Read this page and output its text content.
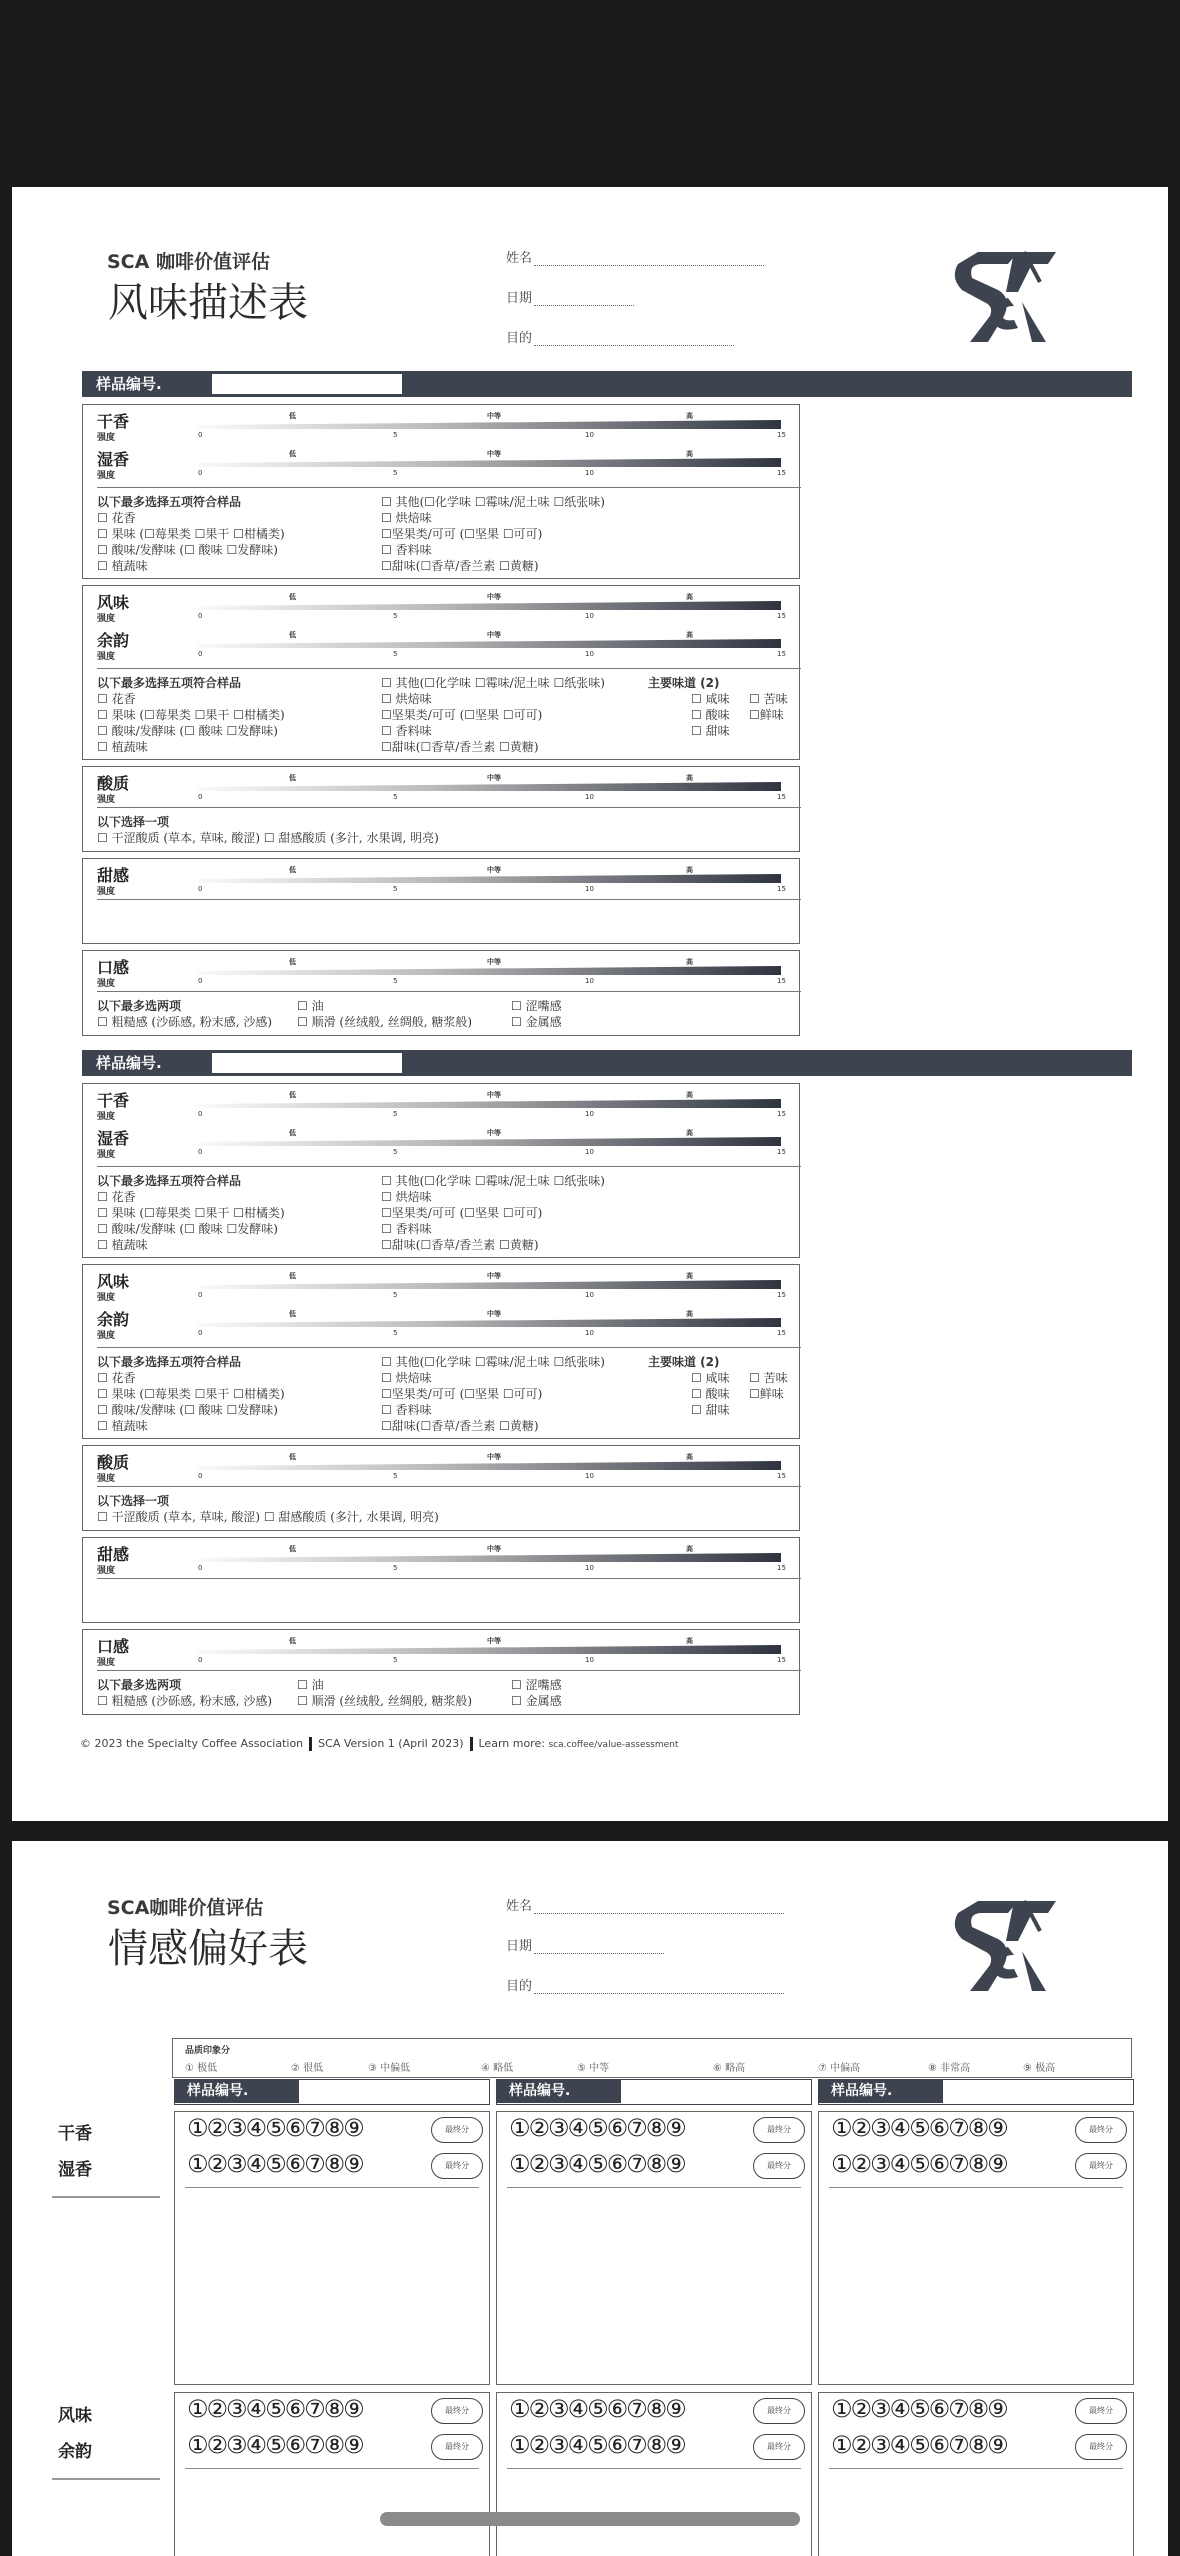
SCA 咖啡价值评估
风味描述表
姓名
日期
目的
样品编号.
干香
强度
低	中等	高
0	5	10	15
湿香
强度
低	中等	高
0	5	10	15
以下最多选择五项符合样品
☐ 花香
☐ 果味 (☐莓果类 ☐果干 ☐柑橘类)
☐ 酸味/发酵味 (☐ 酸味 ☐发酵味)
☐ 植蔬味
☐ 其他(☐化学味 ☐霉味/泥土味 ☐纸张味)
☐ 烘焙味
☐坚果类/可可 (☐坚果 ☐可可)
☐ 香料味
☐甜味(☐香草/香兰素 ☐黄糖)
风味
强度
低	中等	高
0	5	10	15
余韵
强度
低	中等	高
0	5	10	15
以下最多选择五项符合样品
☐ 花香
☐ 果味 (☐莓果类 ☐果干 ☐柑橘类)
☐ 酸味/发酵味 (☐ 酸味 ☐发酵味)
☐ 植蔬味
☐ 其他(☐化学味 ☐霉味/泥土味 ☐纸张味)
☐ 烘焙味
☐坚果类/可可 (☐坚果 ☐可可)
☐ 香料味
☐甜味(☐香草/香兰素 ☐黄糖)
主要味道 (2)
☐ 咸味 ☐ 苦味
☐ 酸味 ☐鲜味
☐ 甜味
酸质
强度
低	中等	高
0	5	10	15
以下选择一项
☐ 干涩酸质 (草本, 草味, 酸涩) ☐ 甜感酸质 (多汁, 水果调, 明亮)
甜感
强度
低	中等	高
0	5	10	15
口感
强度
低	中等	高
0	5	10	15
以下最多选两项
☐ 粗糙感 (沙砾感, 粉末感, 沙感)
☐ 油
☐ 顺滑 (丝绒般, 丝绸般, 糖浆般)
☐ 涩嘴感
☐ 金属感
样品编号.
干香
强度
低	中等	高
0	5	10	15
湿香
强度
低	中等	高
0	5	10	15
以下最多选择五项符合样品
☐ 花香
☐ 果味 (☐莓果类 ☐果干 ☐柑橘类)
☐ 酸味/发酵味 (☐ 酸味 ☐发酵味)
☐ 植蔬味
☐ 其他(☐化学味 ☐霉味/泥土味 ☐纸张味)
☐ 烘焙味
☐坚果类/可可 (☐坚果 ☐可可)
☐ 香料味
☐甜味(☐香草/香兰素 ☐黄糖)
风味
强度
低	中等	高
0	5	10	15
余韵
强度
低	中等	高
0	5	10	15
以下最多选择五项符合样品
☐ 花香
☐ 果味 (☐莓果类 ☐果干 ☐柑橘类)
☐ 酸味/发酵味 (☐ 酸味 ☐发酵味)
☐ 植蔬味
☐ 其他(☐化学味 ☐霉味/泥土味 ☐纸张味)
☐ 烘焙味
☐坚果类/可可 (☐坚果 ☐可可)
☐ 香料味
☐甜味(☐香草/香兰素 ☐黄糖)
主要味道 (2)
☐ 咸味 ☐ 苦味
☐ 酸味 ☐鲜味
☐ 甜味
酸质
强度
低	中等	高
0	5	10	15
以下选择一项
☐ 干涩酸质 (草本, 草味, 酸涩) ☐ 甜感酸质 (多汁, 水果调, 明亮)
甜感
强度
低	中等	高
0	5	10	15
口感
强度
低	中等	高
0	5	10	15
以下最多选两项
☐ 粗糙感 (沙砾感, 粉末感, 沙感)
☐ 油
☐ 顺滑 (丝绒般, 丝绸般, 糖浆般)
☐ 涩嘴感
☐ 金属感
© 2023 the Specialty Coffee Association SCA Version 1 (April 2023) Learn more: sca.coffee/value-assessment
SCA咖啡价值评估
情感偏好表
姓名
日期
目的
品质印象分
① 极低	② 很低	③ 中偏低	④ 略低	⑤ 中等	⑥ 略高	⑦ 中偏高	⑧ 非常高	⑨ 极高
干香
湿香
风味
余韵
样品编号.
①②③④⑤⑥⑦⑧⑨	最终分
①②③④⑤⑥⑦⑧⑨	最终分
①②③④⑤⑥⑦⑧⑨	最终分
①②③④⑤⑥⑦⑧⑨	最终分
样品编号.
①②③④⑤⑥⑦⑧⑨	最终分
①②③④⑤⑥⑦⑧⑨	最终分
①②③④⑤⑥⑦⑧⑨	最终分
①②③④⑤⑥⑦⑧⑨	最终分
样品编号.
①②③④⑤⑥⑦⑧⑨	最终分
①②③④⑤⑥⑦⑧⑨	最终分
①②③④⑤⑥⑦⑧⑨	最终分
①②③④⑤⑥⑦⑧⑨	最终分
